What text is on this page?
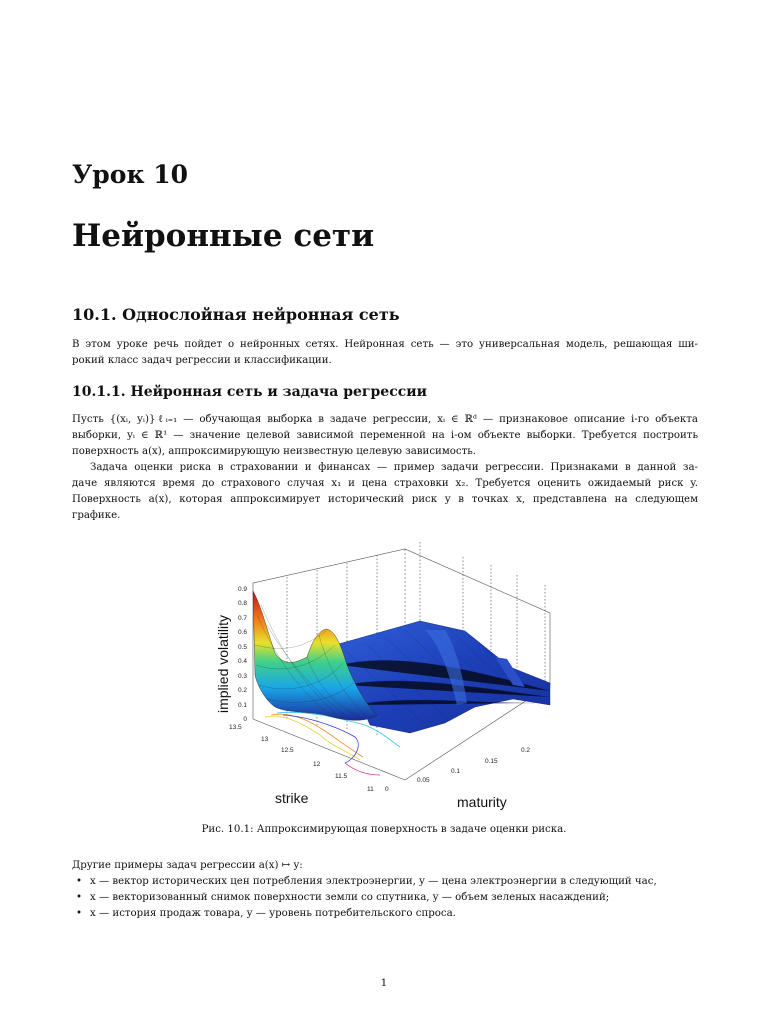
Урок 10
Нейронные сети
10.1. Однослойная нейронная сеть
В этом уроке речь пойдет о нейронных сетях. Нейронная сеть — это универсальная модель, решающая ши-
рокий класс задач регрессии и классификации.
10.1.1. Нейронная сеть и задача регрессии
Пусть {(xᵢ, yᵢ)}ℓᵢ₌₁ — обучающая выборка в задаче регрессии, xᵢ ∈ ℝᵈ — признаковое описание i-го объекта
выборки, yᵢ ∈ ℝ¹ — значение целевой зависимой переменной на i-ом объекте выборки. Требуется построить
поверхность a(x), аппроксимирующую неизвестную целевую зависимость.
Задача оценки риска в страховании и финансах — пример задачи регрессии. Признаками в данной за-
даче являются время до страхового случая x₁ и цена страховки x₂. Требуется оценить ожидаемый риск y.
Поверхность a(x), которая аппроксимирует исторический риск y в точках x, представлена на следующем
графике.
0
0.1
0.2
0.3
0.4
0.5
0.6
0.7
0.8
0.9
13.5
13
12.5
12
11.5
11 0
0.05
0.1
0.15
0.2
implied volatility
strike	maturity
Рис. 10.1: Аппроксимирующая поверхность в задаче оценки риска.
Другие примеры задач регрессии a(x) ↦ y:
• x — вектор исторических цен потребления электроэнергии, y — цена электроэнергии в следующий час,
• x — векторизованный снимок поверхности земли со спутника, y — объем зеленых насаждений;
• x — история продаж товара, y — уровень потребительского спроса.
1
